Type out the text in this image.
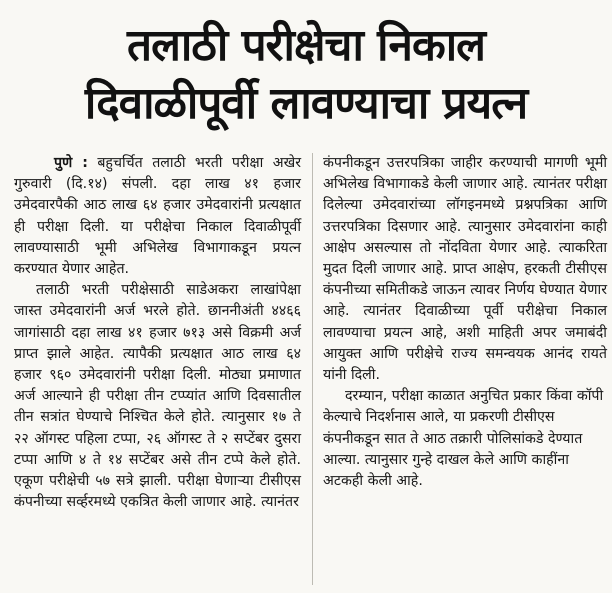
तलाठी परीक्षेचा निकाल
दिवाळीपूर्वी लावण्याचा प्रयत्न

पुणे : बहुचर्चित तलाठी भरती परीक्षा अखेर गुरुवारी (दि.१४) संपली. दहा लाख ४१ हजार उमेदवारपैकी आठ लाख ६४ हजार उमेदवारांनी प्रत्यक्षात ही परीक्षा दिली. या परीक्षेचा निकाल दिवाळीपूर्वी लावण्यासाठी भूमी अभिलेख विभागाकडून प्रयत्न करण्यात येणार आहेत.

तलाठी भरती परीक्षेसाठी साडेअकरा लाखांपेक्षा जास्त उमेदवारांनी अर्ज भरले होते. छाननीअंती ४४६६ जागांसाठी दहा लाख ४१ हजार ७१३ असे विक्रमी अर्ज प्राप्त झाले आहेत. त्यापैकी प्रत्यक्षात आठ लाख ६४ हजार ९६० उमेदवारांनी परीक्षा दिली. मोठ्या प्रमाणात अर्ज आल्याने ही परीक्षा तीन टप्प्यांत आणि दिवसातील तीन सत्रांत घेण्याचे निश्चित केले होते. त्यानुसार १७ ते २२ ऑगस्ट पहिला टप्पा, २६ ऑगस्ट ते २ सप्टेंबर दुसरा टप्पा आणि ४ ते १४ सप्टेंबर असे तीन टप्पे केले होते. एकूण परीक्षेची ५७ सत्रे झाली. परीक्षा घेणाऱ्या टीसीएस कंपनीच्या सर्व्हरमध्ये एकत्रित केली जाणार आहे. त्यानंतर

कंपनीकडून उत्तरपत्रिका जाहीर करण्याची मागणी भूमी अभिलेख विभागाकडे केली जाणार आहे. त्यानंतर परीक्षा दिलेल्या उमेदवारांच्या लॉगइनमध्ये प्रश्नपत्रिका आणि उत्तरपत्रिका दिसणार आहे. त्यानुसार उमेदवारांना काही आक्षेप असल्यास तो नोंदविता येणार आहे. त्याकरिता मुदत दिली जाणार आहे. प्राप्त आक्षेप, हरकती टीसीएस कंपनीच्या समितीकडे जाऊन त्यावर निर्णय घेण्यात येणार आहे. त्यानंतर दिवाळीच्या पूर्वी परीक्षेचा निकाल लावण्याचा प्रयत्न आहे, अशी माहिती अपर जमाबंदी आयुक्त आणि परीक्षेचे राज्य समन्वयक आनंद रायते यांनी दिली.

दरम्यान, परीक्षा काळात अनुचित प्रकार किंवा कॉपी केल्याचे निदर्शनास आले, या प्रकरणी टीसीएस कंपनीकडून सात ते आठ तक्रारी पोलिसांकडे देण्यात आल्या. त्यानुसार गुन्हे दाखल केले आणि काहींना अटकही केली आहे.
